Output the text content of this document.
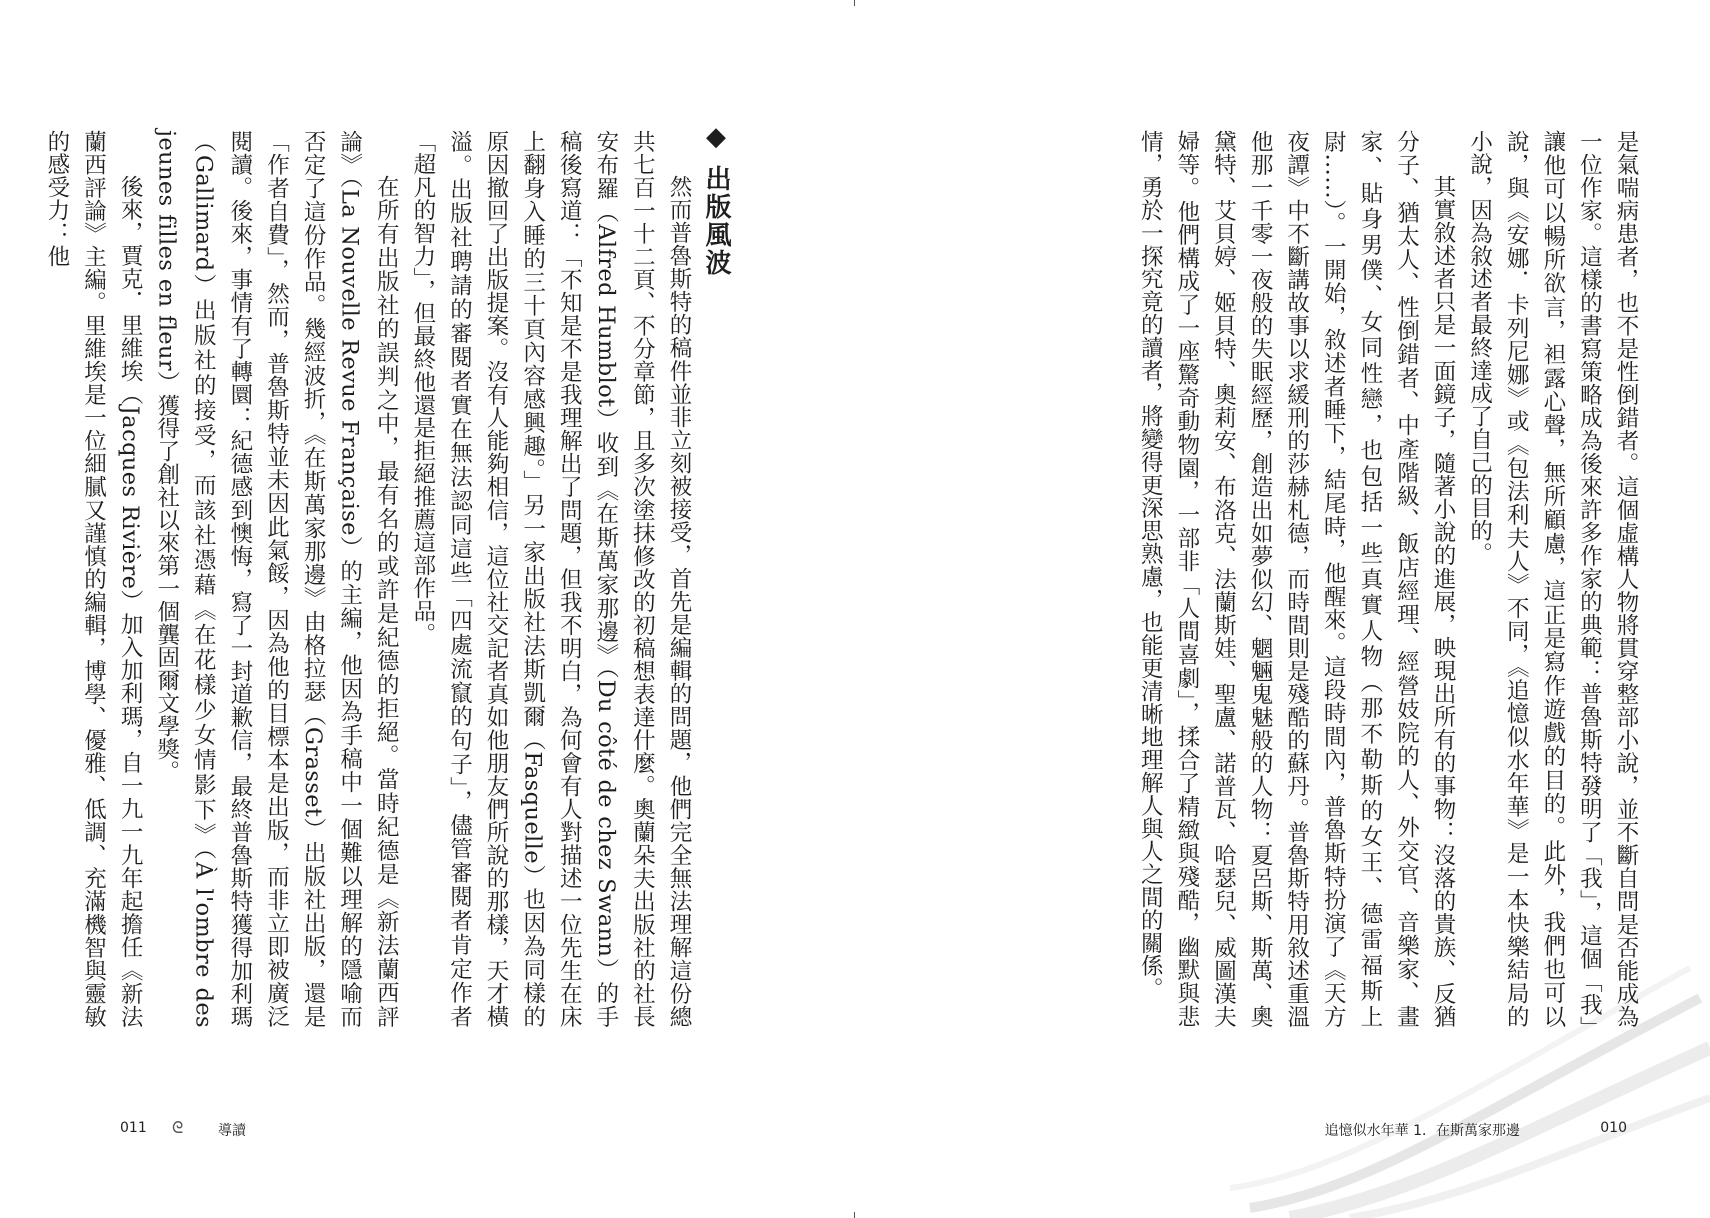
◆ 出版風波

然而普魯斯特的稿件並非立刻被接受，首先是編輯的問題，他們完全無法理解這份總共七百一十二頁、不分章節，且多次塗抹修改的初稿想表達什麼。奧蘭朵夫出版社的社長安布羅（Alfred Humblot）收到《在斯萬家那邊》（Du côté de chez Swann）的手稿後寫道：「不知是不是我理解出了問題，但我不明白，為何會有人對描述一位先生在床上翻身入睡的三十頁內容感興趣。」另一家出版社法斯凱爾（Fasquelle）也因為同樣的原因撤回了出版提案。沒有人能夠相信，這位社交記者真如他朋友們所說的那樣，天才橫溢。出版社聘請的審閱者實在無法認同這些「四處流竄的句子」，儘管審閱者肯定作者「超凡的智力」，但最終他還是拒絕推薦這部作品。

在所有出版社的誤判之中，最有名的或許是紀德的拒絕。當時紀德是《新法蘭西評論》（La Nouvelle Revue Française）的主編，他因為手稿中一個難以理解的隱喻而否定了這份作品。幾經波折，《在斯萬家那邊》由格拉瑟（Grasset）出版社出版，還是「作者自費」，然而，普魯斯特並未因此氣餒，因為他的目標本是出版，而非立即被廣泛閱讀。後來，事情有了轉圜：紀德感到懊悔，寫了一封道歉信，最終普魯斯特獲得加利瑪（Gallimard）出版社的接受，而該社憑藉《在花樣少女情影下》（À l'ombre des jeunes filles en fleur）獲得了創社以來第一個龔固爾文學獎。

後來，賈克．里維埃（Jacques Rivière）加入加利瑪，自一九一九年起擔任《新法蘭西評論》主編。里維埃是一位細膩又謹慎的編輯，博學、優雅、低調、充滿機智與靈敏的感受力：他

011 ᘓ 導讀

是氣喘病患者，也不是性倒錯者。這個虛構人物將貫穿整部小說，並不斷自問是否能成為一位作家。這樣的書寫策略成為後來許多作家的典範：普魯斯特發明了「我」，這個「我」讓他可以暢所欲言，袒露心聲，無所顧慮，這正是寫作遊戲的目的。此外，我們也可以說，與《安娜．卡列尼娜》或《包法利夫人》不同，《追憶似水年華》是一本快樂結局的小說，因為敘述者最終達成了自己的目的。

其實敘述者只是一面鏡子，隨著小說的進展，映現出所有的事物：沒落的貴族、反猶分子、猶太人、性倒錯者、中產階級、飯店經理、經營妓院的人、外交官、音樂家、畫家、貼身男僕、女同性戀，也包括一些真實人物（那不勒斯的女王、德雷福斯上尉……）。一開始，敘述者睡下，結尾時，他醒來。這段時間內，普魯斯特扮演了《天方夜譚》中不斷講故事以求緩刑的莎赫札德，而時間則是殘酷的蘇丹。普魯斯特用敘述重溫他那一千零一夜般的失眠經歷，創造出如夢似幻、魍魎鬼魅般的人物：夏呂斯、斯萬、奧黛特、艾貝婷、姬貝特、奧莉安、布洛克、法蘭斯娃、聖盧、諾普瓦、哈瑟兒、威圖漢夫婦等。他們構成了一座驚奇動物園，一部非「人間喜劇」，揉合了精緻與殘酷，幽默與悲情，勇於一探究竟的讀者，將變得更深思熟慮，也能更清晰地理解人與人之間的關係。

追憶似水年華 1．在斯萬家那邊	010
